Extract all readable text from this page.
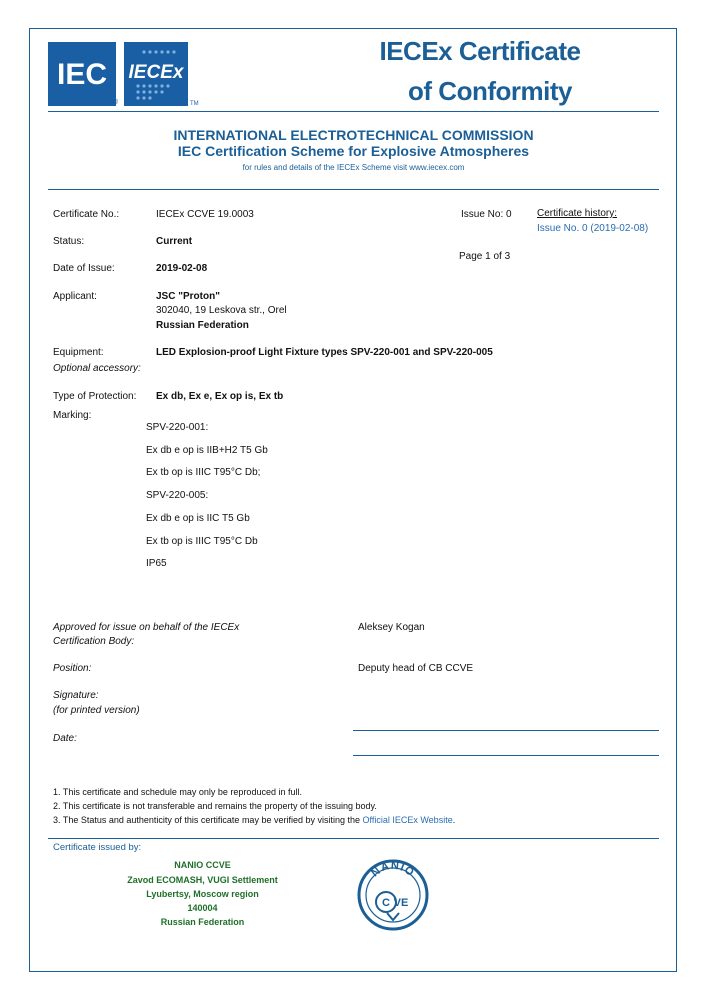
IEC
®
IECEx
TM
IECEx Certificate
of Conformity
INTERNATIONAL ELECTROTECHNICAL COMMISSION
IEC Certification Scheme for Explosive Atmospheres
for rules and details of the IECEx Scheme visit www.iecex.com
Certificate No.:	IECEx CCVE 19.0003	Issue No: 0	Certificate history:
Issue No. 0 (2019-02-08)
Status:	Current
Page 1 of 3
Date of Issue:	2019-02-08
Applicant:	JSC "Proton"
302040, 19 Leskova str., Orel
Russian Federation
Equipment:	LED Explosion-proof Light Fixture types SPV-220-001 and SPV-220-005
Optional accessory:
Type of Protection: Ex db, Ex e, Ex op is, Ex tb
Marking:
SPV-220-001:
Ex db e op is IIB+H2 T5 Gb
Ex tb op is IIIC T95°C Db;
SPV-220-005:
Ex db e op is IIC T5 Gb
Ex tb op is IIIC T95°C Db
IP65
Approved for issue on behalf of the IECEx
Certification Body:
Aleksey Kogan
Position:	Deputy head of CB CCVE
Signature:
(for printed version)
Date:
1. This certificate and schedule may only be reproduced in full.
2. This certificate is not transferable and remains the property of the issuing body.
3. The Status and authenticity of this certificate may be verified by visiting the Official IECEx Website.
Certificate issued by:
NANIO CCVE
Zavod ECOMASH, VUGI Settlement
Lyubertsy, Moscow region
140004
Russian Federation
NANIO
C VE
